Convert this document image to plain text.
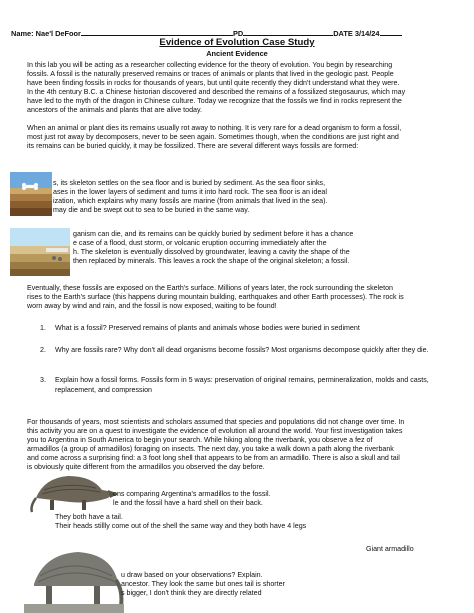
Name: Nae'l DeFoor	PD	DATE 3/14/24
Evidence of Evolution Case Study
Ancient Evidence
In this lab you will be acting as a researcher collecting evidence for the theory of evolution. You begin by researching
fossils. A fossil is the naturally preserved remains or traces of animals or plants that lived in the geologic past. People
have been finding fossils in rocks for thousands of years, but until quite recently they didn't understand what they were.
In the 4th century B.C. a Chinese historian discovered and described the remains of a fossilized stegosaurus, which may
have led to the myth of the dragon in Chinese culture. Today we recognize that the fossils we find in rocks represent the
ancestors of the animals and plants that are alive today.
When an animal or plant dies its remains usually rot away to nothing. It is very rare for a dead organism to form a fossil,
most just rot away by decomposers, never to be seen again. Sometimes though, when the conditions are just right and
its remains can be buried quickly, it may be fossilized. There are several different ways fossils are formed:
s, its skeleton settles on the sea floor and is buried by sediment. As the sea floor sinks,
ases in the lower layers of sediment and turns it into hard rock. The sea floor is an ideal
ization, which explains why many fossils are marine (from animals that lived in the sea).
may die and be swept out to sea to be buried in the same way.
ganism can die, and its remains can be quickly buried by sediment before it has a chance
e case of a flood, dust storm, or volcanic eruption occurring immediately after the
h. The skeleton is eventually dissolved by groundwater, leaving a cavity the shape of the
then replaced by minerals. This leaves a rock the shape of the original skeleton; a fossil.
Eventually, these fossils are exposed on the Earth's surface. Millions of years later, the rock surrounding the skeleton
rises to the Earth's surface (this happens during mountain building, earthquakes and other Earth processes). The rock is
worn away by wind and rain, and the fossil is now exposed, waiting to be found!
1. What is a fossil? Preserved remains of plants and animals whose bodies were buried in sediment
2. Why are fossils rare? Why don't all dead organisms become fossils? Most organisms decompose quickly after they die.
3. Explain how a fossil forms. Fossils form in 5 ways: preservation of original remains, permineralization, molds and casts,
replacement, and compression
For thousands of years, most scientists and scholars assumed that species and populations did not change over time. In
this activity you are on a quest to investigate the evidence of evolution all around the world. Your first investigation takes
you to Argentina in South America to begin your search. While hiking along the riverbank, you observe a fez of
armadillos (a group of armadillos) foraging on insects. The next day, you take a walk down a path along the riverbank
and come across a surprising find: a 3 foot long shell that appears to be from an armadillo. There is also a skull and tail
is obviously quite different from the armadillos you observed the day before.
ons comparing Argentina's armadillos to the fossil.
le and the fossil have a hard shell on their back.
They both have a tail.
Their heads stillly come out of the shell the same way and they both have 4 legs
Giant armadillo
u draw based on your observations? Explain.
ancestor. They look the same but ones tail is shorter
s bigger, I don't think they are directly related
